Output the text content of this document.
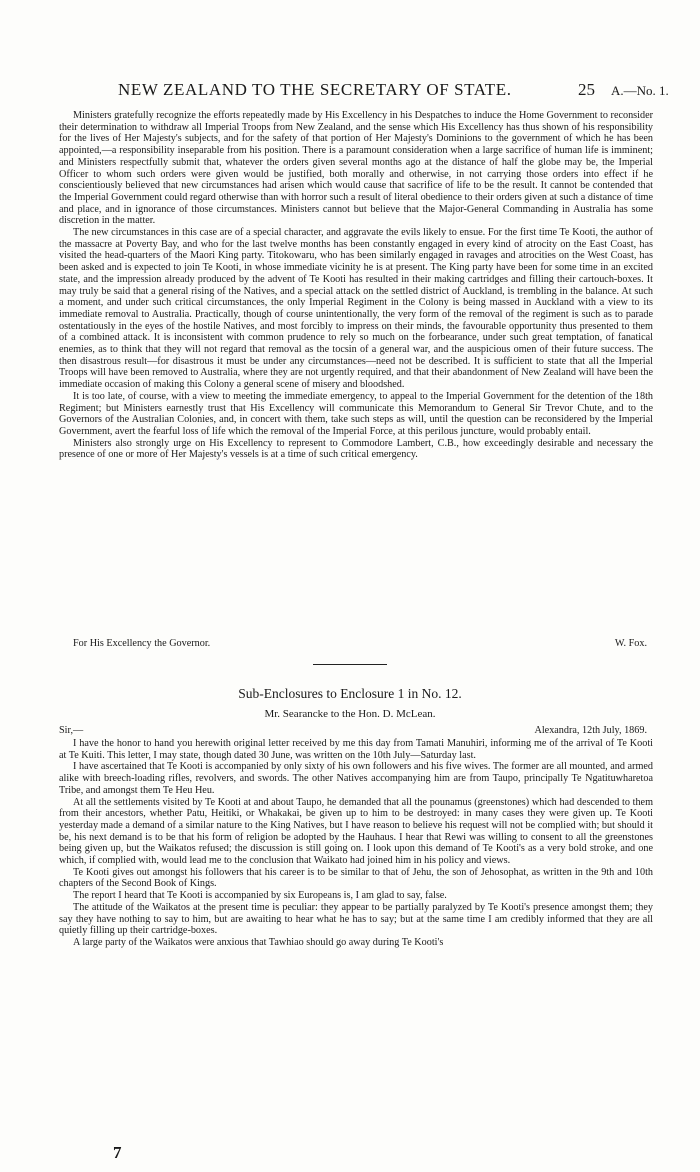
NEW ZEALAND TO THE SECRETARY OF STATE.	25 A.—No. 1.

Ministers gratefully recognize the efforts repeatedly made by His Excellency in his Despatches to induce the Home Government to reconsider their determination to withdraw all Imperial Troops from New Zealand, and the sense which His Excellency has thus shown of his responsibility for the lives of Her Majesty's subjects, and for the safety of that portion of Her Majesty's Dominions to the government of which he has been appointed,—a responsibility inseparable from his position. There is a paramount consideration when a large sacrifice of human life is imminent; and Ministers respectfully submit that, whatever the orders given several months ago at the distance of half the globe may be, the Imperial Officer to whom such orders were given would be justified, both morally and otherwise, in not carrying those orders into effect if he conscientiously believed that new circumstances had arisen which would cause that sacrifice of life to be the result. It cannot be contended that the Imperial Government could regard otherwise than with horror such a result of literal obedience to their orders given at such a distance of time and place, and in ignorance of those circumstances. Ministers cannot but believe that the Major-General Commanding in Australia has some discretion in the matter.

The new circumstances in this case are of a special character, and aggravate the evils likely to ensue. For the first time Te Kooti, the author of the massacre at Poverty Bay, and who for the last twelve months has been constantly engaged in every kind of atrocity on the East Coast, has visited the head-quarters of the Maori King party. Titokowaru, who has been similarly engaged in ravages and atrocities on the West Coast, has been asked and is expected to join Te Kooti, in whose immediate vicinity he is at present. The King party have been for some time in an excited state, and the impression already produced by the advent of Te Kooti has resulted in their making cartridges and filling their cartouch-boxes. It may truly be said that a general rising of the Natives, and a special attack on the settled district of Auckland, is trembling in the balance. At such a moment, and under such critical circumstances, the only Imperial Regiment in the Colony is being massed in Auckland with a view to its immediate removal to Australia. Practically, though of course unintentionally, the very form of the removal of the regiment is such as to parade ostentatiously in the eyes of the hostile Natives, and most forcibly to impress on their minds, the favourable opportunity thus presented to them of a combined attack. It is inconsistent with common prudence to rely so much on the forbearance, under such great temptation, of fanatical enemies, as to think that they will not regard that removal as the tocsin of a general war, and the auspicious omen of their future success. The then disastrous result—for disastrous it must be under any circumstances—need not be described. It is sufficient to state that all the Imperial Troops will have been removed to Australia, where they are not urgently required, and that their abandonment of New Zealand will have been the immediate occasion of making this Colony a general scene of misery and bloodshed.

It is too late, of course, with a view to meeting the immediate emergency, to appeal to the Imperial Government for the detention of the 18th Regiment; but Ministers earnestly trust that His Excellency will communicate this Memorandum to General Sir Trevor Chute, and to the Governors of the Australian Colonies, and, in concert with them, take such steps as will, until the question can be reconsidered by the Imperial Government, avert the fearful loss of life which the removal of the Imperial Force, at this perilous juncture, would probably entail.

Ministers also strongly urge on His Excellency to represent to Commodore Lambert, C.B., how exceedingly desirable and necessary the presence of one or more of Her Majesty's vessels is at a time of such critical emergency.

For His Excellency the Governor.	W. Fox.
Sub-Enclosures to Enclosure 1 in No. 12.
Mr. Searancke to the Hon. D. McLean.
Sir,—	Alexandra, 12th July, 1869.

I have the honor to hand you herewith original letter received by me this day from Tamati Manuhiri, informing me of the arrival of Te Kooti at Te Kuiti. This letter, I may state, though dated 30 June, was written on the 10th July—Saturday last.

I have ascertained that Te Kooti is accompanied by only sixty of his own followers and his five wives. The former are all mounted, and armed alike with breech-loading rifles, revolvers, and swords. The other Natives accompanying him are from Taupo, principally Te Ngatituwharetoa Tribe, and amongst them Te Heu Heu.

At all the settlements visited by Te Kooti at and about Taupo, he demanded that all the pounamus (greenstones) which had descended to them from their ancestors, whether Patu, Heitiki, or Whakakai, be given up to him to be destroyed: in many cases they were given up. Te Kooti yesterday made a demand of a similar nature to the King Natives, but I have reason to believe his request will not be complied with; but should it be, his next demand is to be that his form of religion be adopted by the Hauhaus. I hear that Rewi was willing to consent to all the greenstones being given up, but the Waikatos refused; the discussion is still going on. I look upon this demand of Te Kooti's as a very bold stroke, and one which, if complied with, would lead me to the conclusion that Waikato had joined him in his policy and views.

Te Kooti gives out amongst his followers that his career is to be similar to that of Jehu, the son of Jehosophat, as written in the 9th and 10th chapters of the Second Book of Kings.

The report I heard that Te Kooti is accompanied by six Europeans is, I am glad to say, false.

The attitude of the Waikatos at the present time is peculiar: they appear to be partially paralyzed by Te Kooti's presence amongst them; they say they have nothing to say to him, but are awaiting to hear what he has to say; but at the same time I am credibly informed that they are all quietly filling up their cartridge-boxes.

A large party of the Waikatos were anxious that Tawhiao should go away during Te Kooti's

7
